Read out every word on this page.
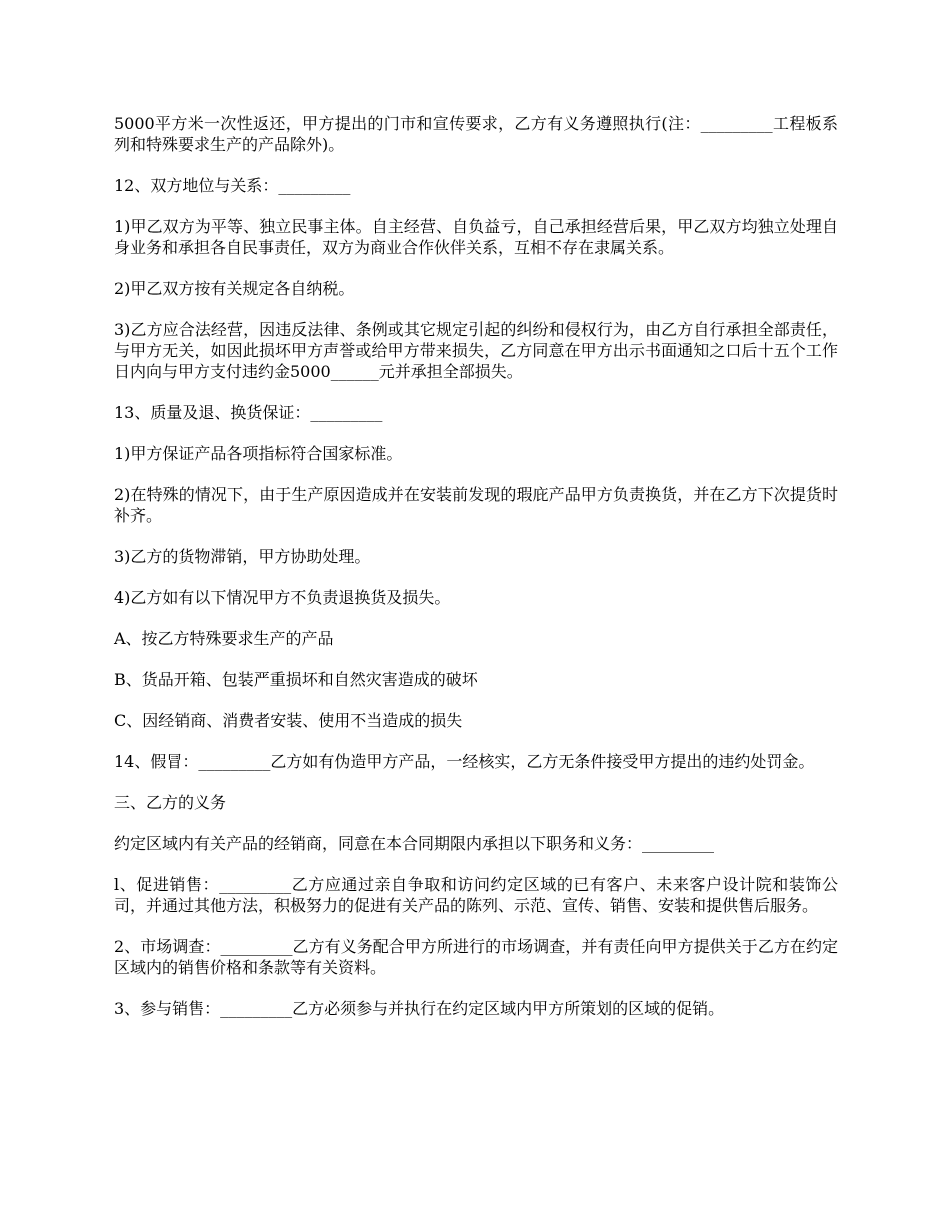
5000平方米一次性返还，甲方提出的门市和宣传要求，乙方有义务遵照执行(注：_________工程板系列和特殊要求生产的产品除外)。

12、双方地位与关系：_________

1)甲乙双方为平等、独立民事主体。自主经营、自负益亏，自己承担经营后果，甲乙双方均独立处理自身业务和承担各自民事责任，双方为商业合作伙伴关系，互相不存在隶属关系。

2)甲乙双方按有关规定各自纳税。

3)乙方应合法经营，因违反法律、条例或其它规定引起的纠纷和侵权行为，由乙方自行承担全部责任，与甲方无关，如因此损坏甲方声誉或给甲方带来损失，乙方同意在甲方出示书面通知之口后十五个工作日内向与甲方支付违约金5000______元并承担全部损失。

13、质量及退、换货保证：_________

1)甲方保证产品各项指标符合国家标准。

2)在特殊的情况下，由于生产原因造成并在安装前发现的瑕庇产品甲方负责换货，并在乙方下次提货时补齐。

3)乙方的货物滞销，甲方协助处理。

4)乙方如有以下情况甲方不负责退换货及损失。

A、按乙方特殊要求生产的产品

B、货品开箱、包装严重损坏和自然灾害造成的破坏

C、因经销商、消费者安装、使用不当造成的损失

14、假冒：_________乙方如有伪造甲方产品，一经核实，乙方无条件接受甲方提出的违约处罚金。

三、乙方的义务

约定区域内有关产品的经销商，同意在本合同期限内承担以下职务和义务：_________

l、促进销售：_________乙方应通过亲自争取和访问约定区域的已有客户、未来客户设计院和装饰公司，并通过其他方法，积极努力的促进有关产品的陈列、示范、宣传、销售、安装和提供售后服务。

2、市场调查：_________乙方有义务配合甲方所进行的市场调查，并有责任向甲方提供关于乙方在约定区域内的销售价格和条款等有关资料。

3、参与销售：_________乙方必须参与并执行在约定区域内甲方所策划的区域的促销。
